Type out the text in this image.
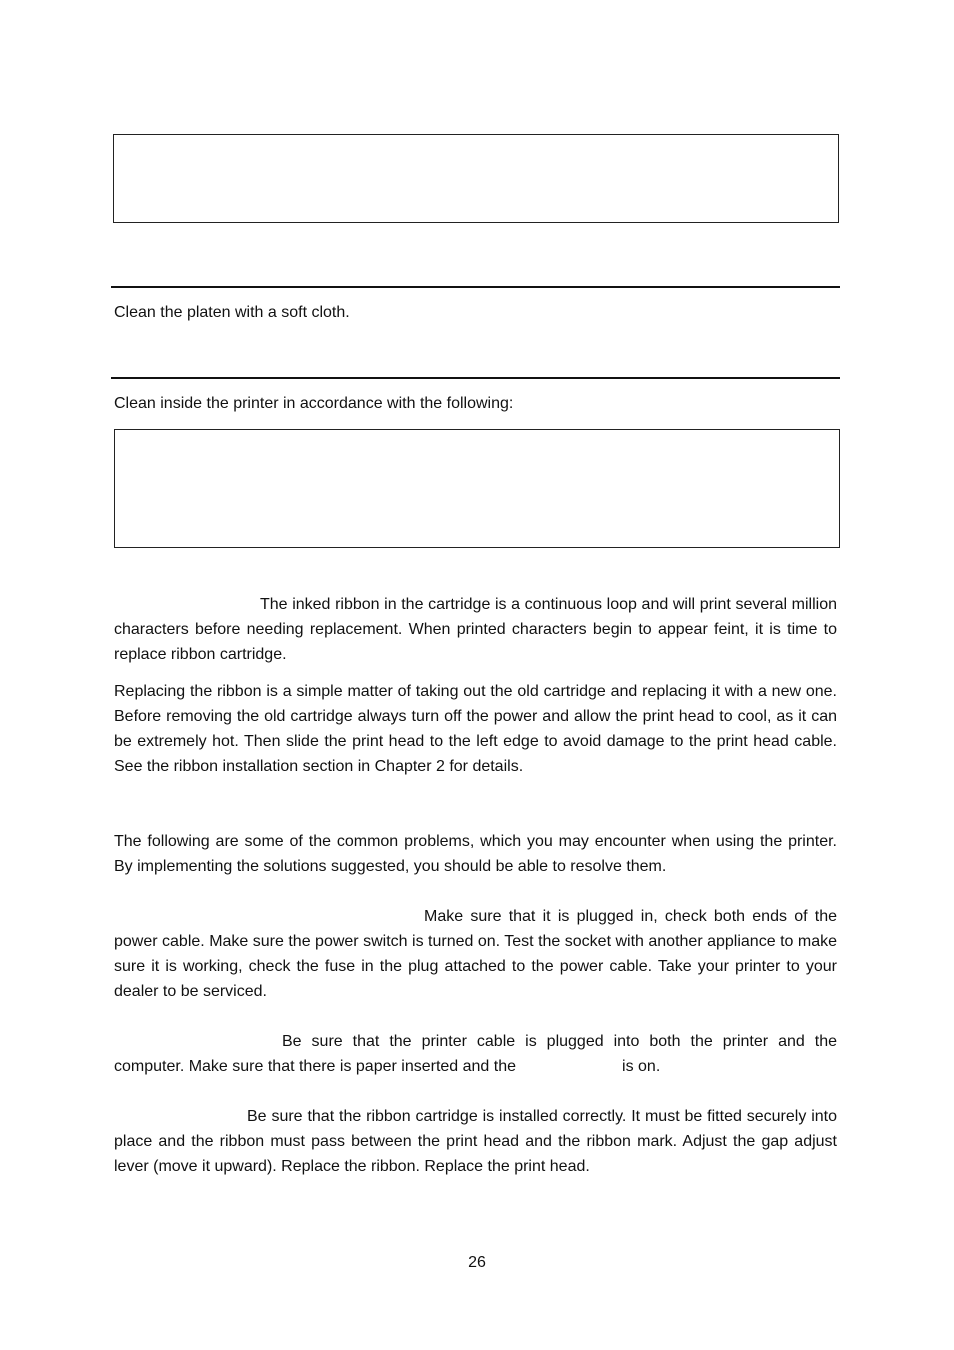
Clean the platen with a soft cloth.
Clean inside the printer in accordance with the following:
The inked ribbon in the cartridge is a continuous loop and will print several million characters before needing replacement. When printed characters begin to appear feint, it is time to replace ribbon cartridge.
Replacing the ribbon is a simple matter of taking out the old cartridge and replacing it with a new one. Before removing the old cartridge always turn off the power and allow the print head to cool, as it can be extremely hot. Then slide the print head to the left edge to avoid damage to the print head cable. See the ribbon installation section in Chapter 2 for details.
The following are some of the common problems, which you may encounter when using the printer. By implementing the solutions suggested, you should be able to resolve them.
Make sure that it is plugged in, check both ends of the power cable. Make sure the power switch is turned on. Test the socket with another appliance to make sure it is working, check the fuse in the plug attached to the power cable. Take your printer to your dealer to be serviced.
Be sure that the printer cable is plugged into both the printer and the computer. Make sure that there is paper inserted and the	is on.
Be sure that the ribbon cartridge is installed correctly. It must be fitted securely into place and the ribbon must pass between the print head and the ribbon mark. Adjust the gap adjust lever (move it upward). Replace the ribbon. Replace the print head.
26
